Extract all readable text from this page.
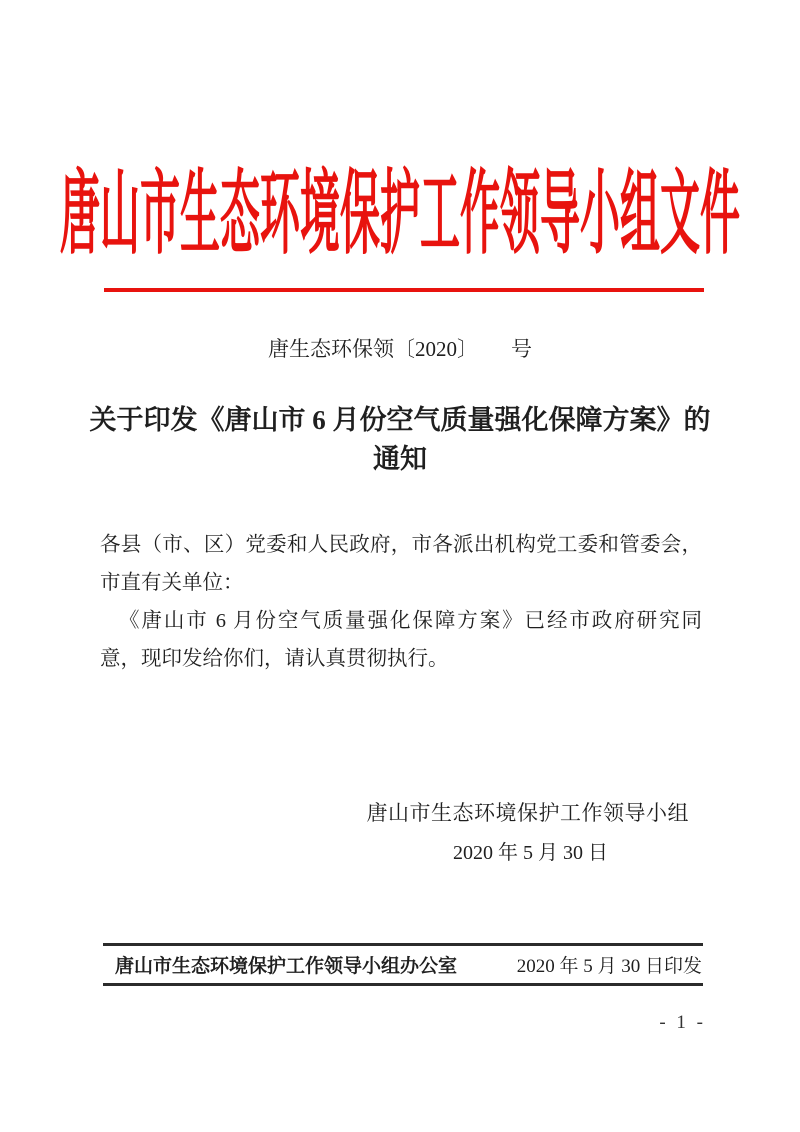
唐山市生态环境保护工作领导小组文件
唐生态环保领〔2020〕 号
关于印发《唐山市 6 月份空气质量强化保障方案》的
通知
各县（市、区）党委和人民政府，市各派出机构党工委和管委会，
市直有关单位：
《唐山市 6 月份空气质量强化保障方案》已经市政府研究同
意，现印发给你们，请认真贯彻执行。
唐山市生态环境保护工作领导小组
2020 年 5 月 30 日
唐山市生态环境保护工作领导小组办公室	2020 年 5 月 30 日印发
- 1 -
